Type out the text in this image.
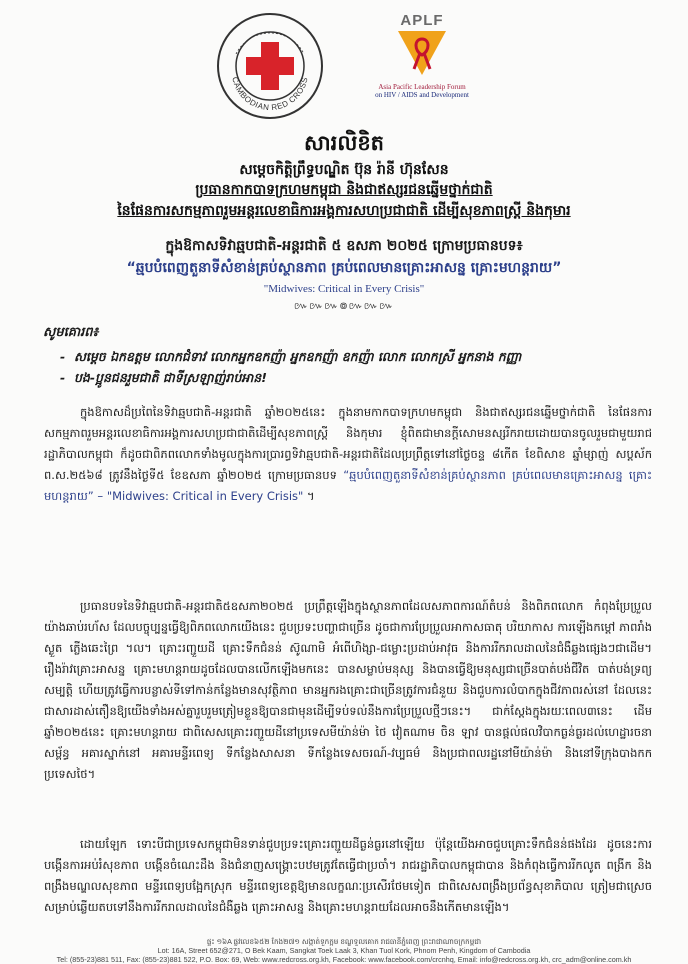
CAMBODIAN RED CROSS
APLF
Asia Pacific Leadership Forum
on HIV / AIDS and Development
សារលិខិត
សម្តេចកិត្តិព្រឹទ្ធបណ្ឌិត ប៊ុន រ៉ានី ហ៊ុនសែន
ប្រធានកាកបាទក្រហមកម្ពុជា និងជាឥស្សរជនឆ្នើមថ្នាក់ជាតិ
នៃផែនការសកម្មភាពរួមអន្តរលេខាធិការអង្គការសហប្រជាជាតិ ដើម្បីសុខភាពស្ត្រី និងកុមារ
ក្នុងឱកាសទិវាឆ្មបជាតិ-អន្តរជាតិ ៥ ឧសភា ២០២៥ ក្រោមប្រធានបទ៖
“ឆ្មបបំពេញតួនាទីសំខាន់គ្រប់ស្ថានភាព គ្រប់ពេលមានគ្រោះអាសន្ន គ្រោះមហន្តរាយ”
"Midwives: Critical in Every Crisis"
៚៚៚៙៚៚៚
សូមគោរព៖
- សម្តេច ឯកឧត្តម លោកជំទាវ លោកអ្នកឧកញ៉ា អ្នកឧកញ៉ា ឧកញ៉ា លោក លោកស្រី អ្នកនាង កញ្ញា
- បង-ប្អូនជនរួមជាតិ ជាទីស្រឡាញ់រាប់អាន!
ក្នុងឱកាសដ៏ប្រពៃនៃទិវាឆ្មបជាតិ-អន្តរជាតិ ឆ្នាំ២០២៥នេះ ក្នុងនាមកាកបាទក្រហមកម្ពុជា និងជាឥស្សរជនឆ្នើមថ្នាក់ជាតិ នៃផែនការសកម្មភាពរួមអន្តរលេខាធិការអង្គការសហប្រជាជាតិដើម្បីសុខភាពស្ត្រី និងកុមារ ខ្ញុំពិតជាមានក្តីសោមនស្សរីករាយដោយបានចូលរួមជាមួយរាជរដ្ឋាភិបាលកម្ពុជា ក៏ដូចជាពិភពលោកទាំងមូលក្នុងការប្រារព្ធទិវាឆ្មបជាតិ-អន្តរជាតិដែលប្រព្រឹត្តទៅនៅថ្ងៃចន្ទ ៨កើត ខែពិសាខ ឆ្នាំម្សាញ់ សប្តស័ក ព.ស.២៥៦៨ ត្រូវនឹងថ្ងៃទី៥ ខែឧសភា ឆ្នាំ២០២៥ ក្រោមប្រធានបទ “ឆ្មបបំពេញតួនាទីសំខាន់គ្រប់ស្ថានភាព គ្រប់ពេលមានគ្រោះអាសន្ន គ្រោះមហន្តរាយ” – "Midwives: Critical in Every Crisis" ។
ប្រធានបទនៃទិវាឆ្មបជាតិ-អន្តរជាតិ៥ឧសភា២០២៥ ប្រព្រឹត្តឡើងក្នុងស្ថានភាពដែលសភាពការណ៍តំបន់ និងពិភពលោក កំពុងប្រែប្រួលយ៉ាងឆាប់រហ័ស ដែលបច្ចុប្បន្នធ្វើឱ្យពិភពលោកយើងនេះ ជួបប្រទះបញ្ហាជាច្រើន ដូចជាការប្រែប្រួលអាកាសធាតុ បរិយាកាស ការឡើងកម្តៅ ភាពរាំងស្ងួត ភ្លើងឆេះព្រៃ ។ល។ គ្រោះរញ្ជួយដី គ្រោះទឹកជំនន់ ស៊ូណាមិ អំពើហិង្សា-ជម្លោះប្រដាប់អាវុធ និងការរីករាលដាលនៃជំងឺឆ្លងផ្សេងៗជាដើម។ រឿងរ៉ាវគ្រោះអាសន្ន គ្រោះមហន្តរាយដូចដែលបានលើកឡើងមកនេះ បានសម្លាប់មនុស្ស និងបានធ្វើឱ្យមនុស្សជាច្រើនបាត់បង់ជីវិត បាត់បង់ទ្រព្យសម្បត្តិ ហើយត្រូវធ្វើការបន្លាស់ទីទៅកាន់កន្លែងមានសុវត្ថិភាព មានអ្នករងគ្រោះជាច្រើនត្រូវការជំនួយ និងជួបការលំបាកក្នុងជីវភាពរស់នៅ ដែលនេះជាសារដាស់តឿនឱ្យយើងទាំងអស់គ្នារួបរួមត្រៀមខ្លួនឱ្យបានជាមុនដើម្បីទប់ទល់នឹងការប្រែប្រួលថ្មីៗនេះ។ ជាក់ស្តែងក្នុងរយៈពេល៣នេះ ដើមឆ្នាំ២០២៥នេះ គ្រោះមហន្តរាយ ជាពិសេសគ្រោះរញ្ជួយដីនៅប្រទេសមីយ៉ាន់ម៉ា ថៃ វៀតណាម ចិន ឡាវ បានផ្តល់ផលវិបាកធ្ងន់ធ្ងរដល់ហេដ្ឋារចនាសម្ព័ន្ធ អគារស្នាក់នៅ អគារមន្ទីរពេទ្យ ទីកន្លែងសាសនា ទីកន្លែងទេសចរណ៍-វប្បធម៌ និងប្រជាពលរដ្ឋនៅមីយ៉ាន់ម៉ា និងនៅទីក្រុងបាងកកប្រទេសថៃ។
ដោយឡែក ទោះបីជាប្រទេសកម្ពុជាមិនទាន់ជួបប្រទះគ្រោះរញ្ជួយដីធ្ងន់ធ្ងរនៅឡើយ ប៉ុន្តែយើងអាចជួបគ្រោះទឹកជំនន់ផងដែរ ដូចនេះការបង្កើនការអប់រំសុខភាព បង្កើនចំណេះដឹង និងជំនាញសង្គ្រោះបឋមត្រូវតែធ្វើជាប្រចាំ។ រាជរដ្ឋាភិបាលកម្ពុជាបាន និងកំពុងធ្វើការរីកលូត ពង្រីក និងពង្រឹងមណ្ឌលសុខភាព មន្ទីរពេទ្យបង្អែកស្រុក មន្ទីរពេទ្យខេត្តឱ្យមានលក្ខណៈប្រសើរថែមទៀត ជាពិសេសពង្រឹងប្រព័ន្ធសុខាភិបាល ត្រៀមជាស្រេចសម្រាប់ឆ្លើយតបទៅនឹងការរីករាលដាលនៃជំងឺឆ្លង គ្រោះអាសន្ន និងគ្រោះមហន្តរាយដែលអាចនឹងកើតមានឡើង។
ផ្ទះ ១៦A ផ្លូវលេខ៦៥២ កែង២៧១ សង្កាត់ទួកក្អម ខណ្ឌទួលគោក រាជធានីភ្នំពេញ ព្រះរាជាណាចក្រកម្ពុជា
Lot: 16A, Street 652@271, O Bek Kaam, Sangkat Toek Laak 3, Khan Tuol Kork, Phnom Penh, Kingdom of Cambodia
Tel: (855-23)881 511, Fax: (855-23)881 522, P.O. Box: 69, Web: www.redcross.org.kh, Facebook: www.facebook.com/crcnhq, Email: info@redcross.org.kh, crc_adm@online.com.kh
